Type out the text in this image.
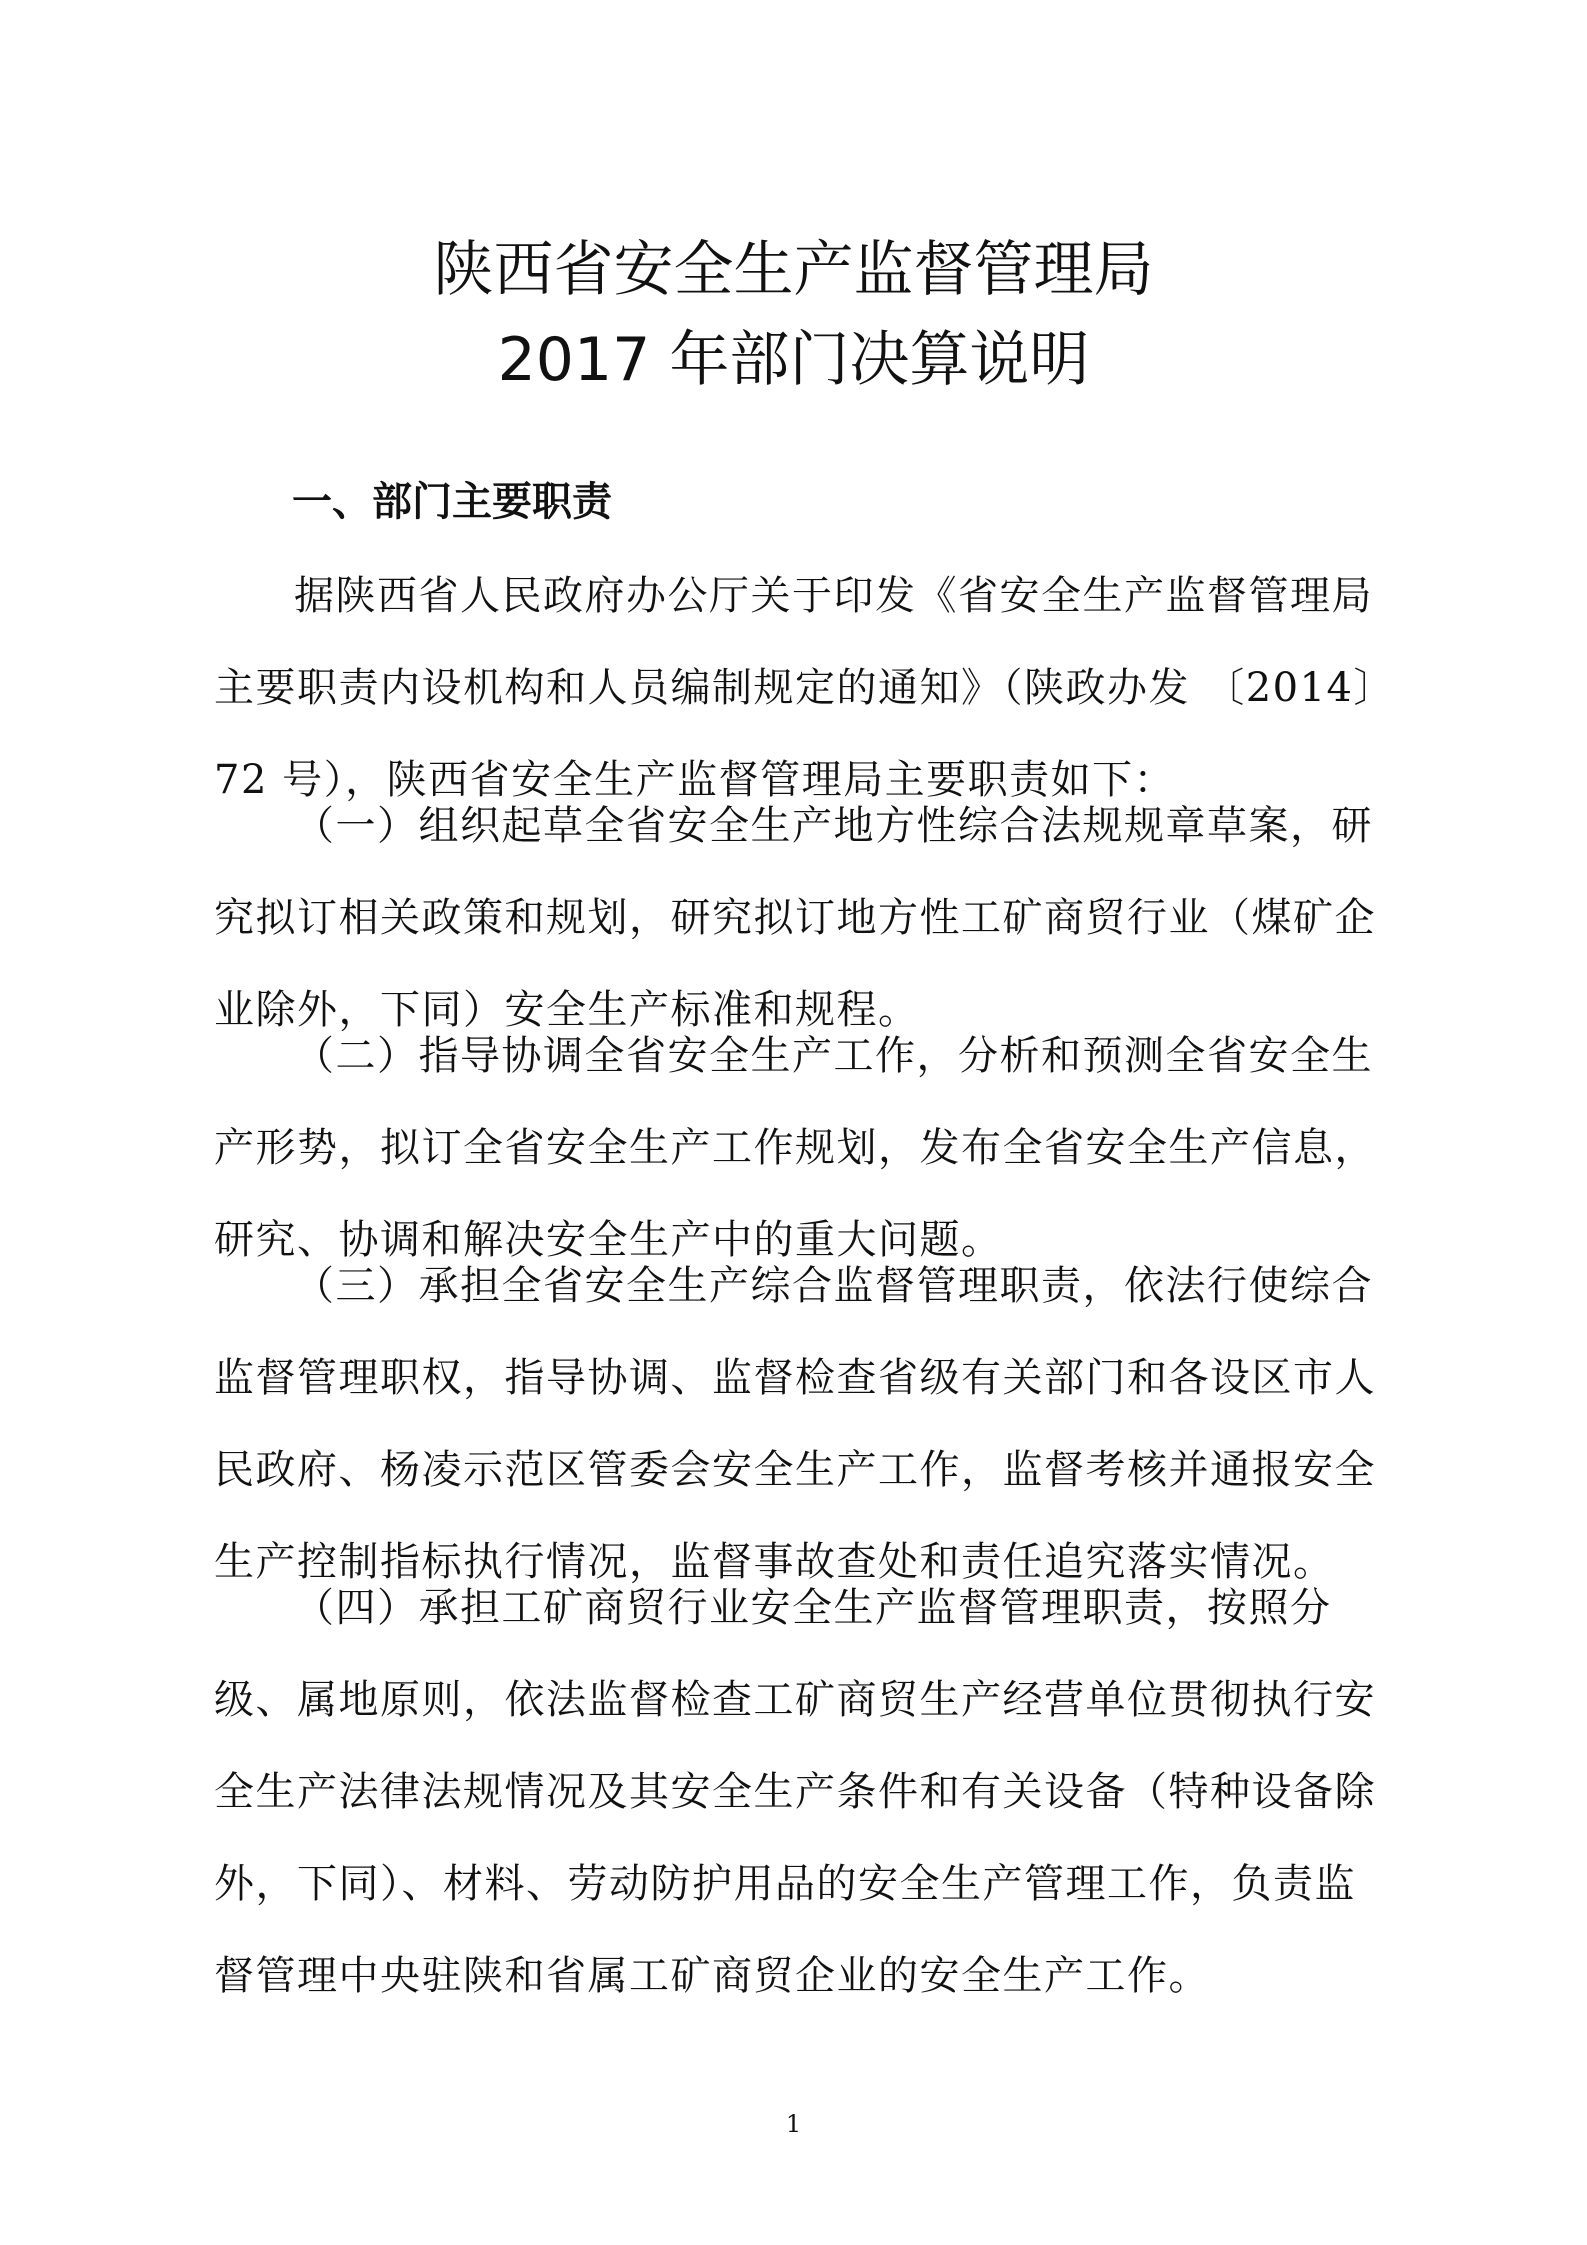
陕西省安全生产监督管理局
2017 年部门决算说明
一、部门主要职责

据陕西省人民政府办公厅关于印发《省安全生产监督管理局主要职责内设机构和人员编制规定的通知》（陕政办发 〔2014〕72 号），陕西省安全生产监督管理局主要职责如下：

（一）组织起草全省安全生产地方性综合法规规章草案，研究拟订相关政策和规划，研究拟订地方性工矿商贸行业（煤矿企业除外，下同）安全生产标准和规程。

（二）指导协调全省安全生产工作，分析和预测全省安全生产形势，拟订全省安全生产工作规划，发布全省安全生产信息，研究、协调和解决安全生产中的重大问题。

（三）承担全省安全生产综合监督管理职责，依法行使综合监督管理职权，指导协调、监督检查省级有关部门和各设区市人民政府、杨凌示范区管委会安全生产工作，监督考核并通报安全生产控制指标执行情况，监督事故查处和责任追究落实情况。

（四）承担工矿商贸行业安全生产监督管理职责，按照分级、属地原则，依法监督检查工矿商贸生产经营单位贯彻执行安全生产法律法规情况及其安全生产条件和有关设备（特种设备除外，下同）、材料、劳动防护用品的安全生产管理工作，负责监督管理中央驻陕和省属工矿商贸企业的安全生产工作。

1
